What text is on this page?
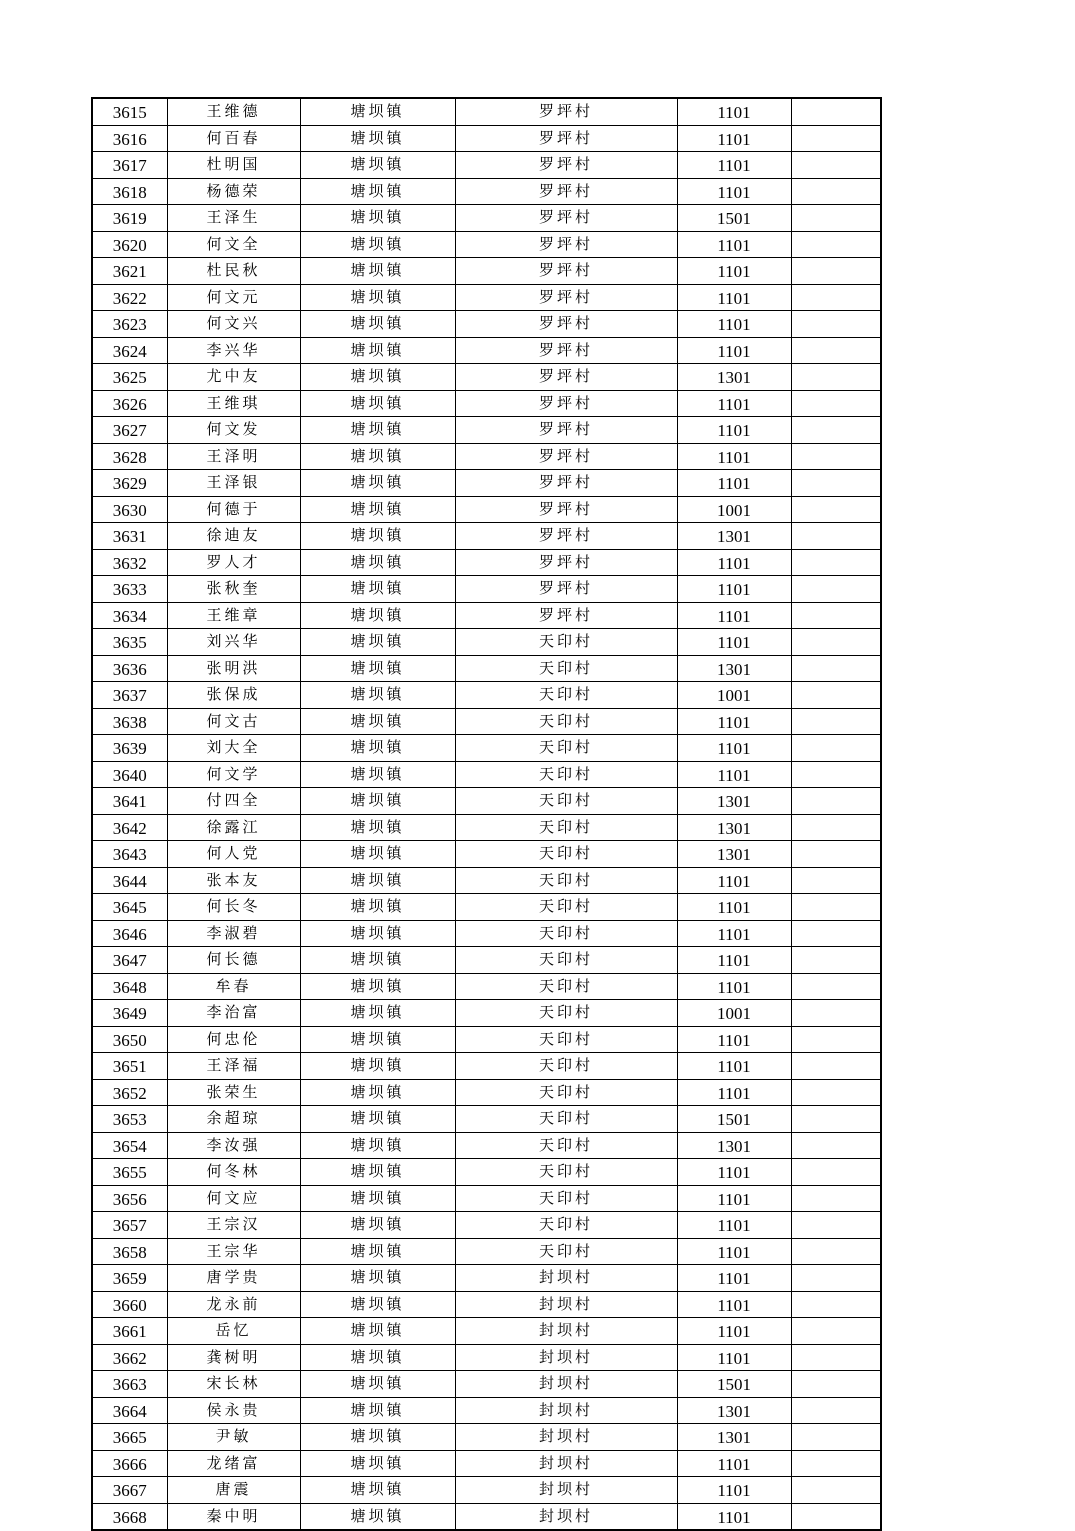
3615	王维德	塘坝镇	罗坪村	1101	
3616	何百春	塘坝镇	罗坪村	1101	
3617	杜明国	塘坝镇	罗坪村	1101	
3618	杨德荣	塘坝镇	罗坪村	1101	
3619	王泽生	塘坝镇	罗坪村	1501	
3620	何文全	塘坝镇	罗坪村	1101	
3621	杜民秋	塘坝镇	罗坪村	1101	
3622	何文元	塘坝镇	罗坪村	1101	
3623	何文兴	塘坝镇	罗坪村	1101	
3624	李兴华	塘坝镇	罗坪村	1101	
3625	尤中友	塘坝镇	罗坪村	1301	
3626	王维琪	塘坝镇	罗坪村	1101	
3627	何文发	塘坝镇	罗坪村	1101	
3628	王泽明	塘坝镇	罗坪村	1101	
3629	王泽银	塘坝镇	罗坪村	1101	
3630	何德于	塘坝镇	罗坪村	1001	
3631	徐迪友	塘坝镇	罗坪村	1301	
3632	罗人才	塘坝镇	罗坪村	1101	
3633	张秋奎	塘坝镇	罗坪村	1101	
3634	王维章	塘坝镇	罗坪村	1101	
3635	刘兴华	塘坝镇	天印村	1101	
3636	张明洪	塘坝镇	天印村	1301	
3637	张保成	塘坝镇	天印村	1001	
3638	何文古	塘坝镇	天印村	1101	
3639	刘大全	塘坝镇	天印村	1101	
3640	何文学	塘坝镇	天印村	1101	
3641	付四全	塘坝镇	天印村	1301	
3642	徐露江	塘坝镇	天印村	1301	
3643	何人党	塘坝镇	天印村	1301	
3644	张本友	塘坝镇	天印村	1101	
3645	何长冬	塘坝镇	天印村	1101	
3646	李淑碧	塘坝镇	天印村	1101	
3647	何长德	塘坝镇	天印村	1101	
3648	牟春	塘坝镇	天印村	1101	
3649	李治富	塘坝镇	天印村	1001	
3650	何忠伦	塘坝镇	天印村	1101	
3651	王泽福	塘坝镇	天印村	1101	
3652	张荣生	塘坝镇	天印村	1101	
3653	余超琼	塘坝镇	天印村	1501	
3654	李汝强	塘坝镇	天印村	1301	
3655	何冬林	塘坝镇	天印村	1101	
3656	何文应	塘坝镇	天印村	1101	
3657	王宗汉	塘坝镇	天印村	1101	
3658	王宗华	塘坝镇	天印村	1101	
3659	唐学贵	塘坝镇	封坝村	1101	
3660	龙永前	塘坝镇	封坝村	1101	
3661	岳忆	塘坝镇	封坝村	1101	
3662	龚树明	塘坝镇	封坝村	1101	
3663	宋长林	塘坝镇	封坝村	1501	
3664	侯永贵	塘坝镇	封坝村	1301	
3665	尹敏	塘坝镇	封坝村	1301	
3666	龙绪富	塘坝镇	封坝村	1101	
3667	唐震	塘坝镇	封坝村	1101	
3668	秦中明	塘坝镇	封坝村	1101	
